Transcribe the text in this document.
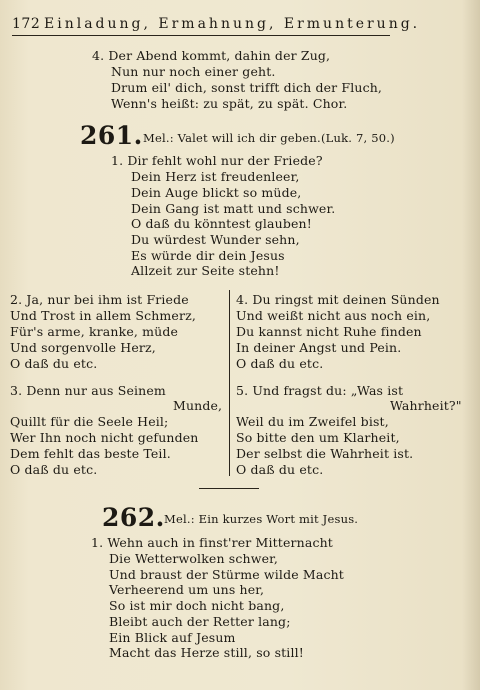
172 Einladung, Ermahnung, Ermunterung.
4. Der Abend kommt, dahin der Zug,
Nun nur noch einer geht.
Drum eil' dich, sonst trifft dich der Fluch,
Wenn's heißt: zu spät, zu spät. Chor.
261. Mel.: Valet will ich dir geben. (Luk. 7, 50.)
1. Dir fehlt wohl nur der Friede?
Dein Herz ist freudenleer,
Dein Auge blickt so müde,
Dein Gang ist matt und schwer.
O daß du könntest glauben!
Du würdest Wunder sehn,
Es würde dir dein Jesus
Allzeit zur Seite stehn!
2. Ja, nur bei ihm ist Friede
Und Trost in allem Schmerz,
Für's arme, kranke, müde
Und sorgenvolle Herz,
O daß du etc.
3. Denn nur aus Seinem
Munde,
Quillt für die Seele Heil;
Wer Ihn noch nicht gefunden
Dem fehlt das beste Teil.
O daß du etc.
4. Du ringst mit deinen Sünden
Und weißt nicht aus noch ein,
Du kannst nicht Ruhe finden
In deiner Angst und Pein.
O daß du etc.
5. Und fragst du: „Was ist
Wahrheit?"
Weil du im Zweifel bist,
So bitte den um Klarheit,
Der selbst die Wahrheit ist.
O daß du etc.
262. Mel.: Ein kurzes Wort mit Jesus.
1. Wehn auch in finst'rer Mitternacht
Die Wetterwolken schwer,
Und braust der Stürme wilde Macht
Verheerend um uns her,
So ist mir doch nicht bang,
Bleibt auch der Retter lang;
Ein Blick auf Jesum
Macht das Herze still, so still!
